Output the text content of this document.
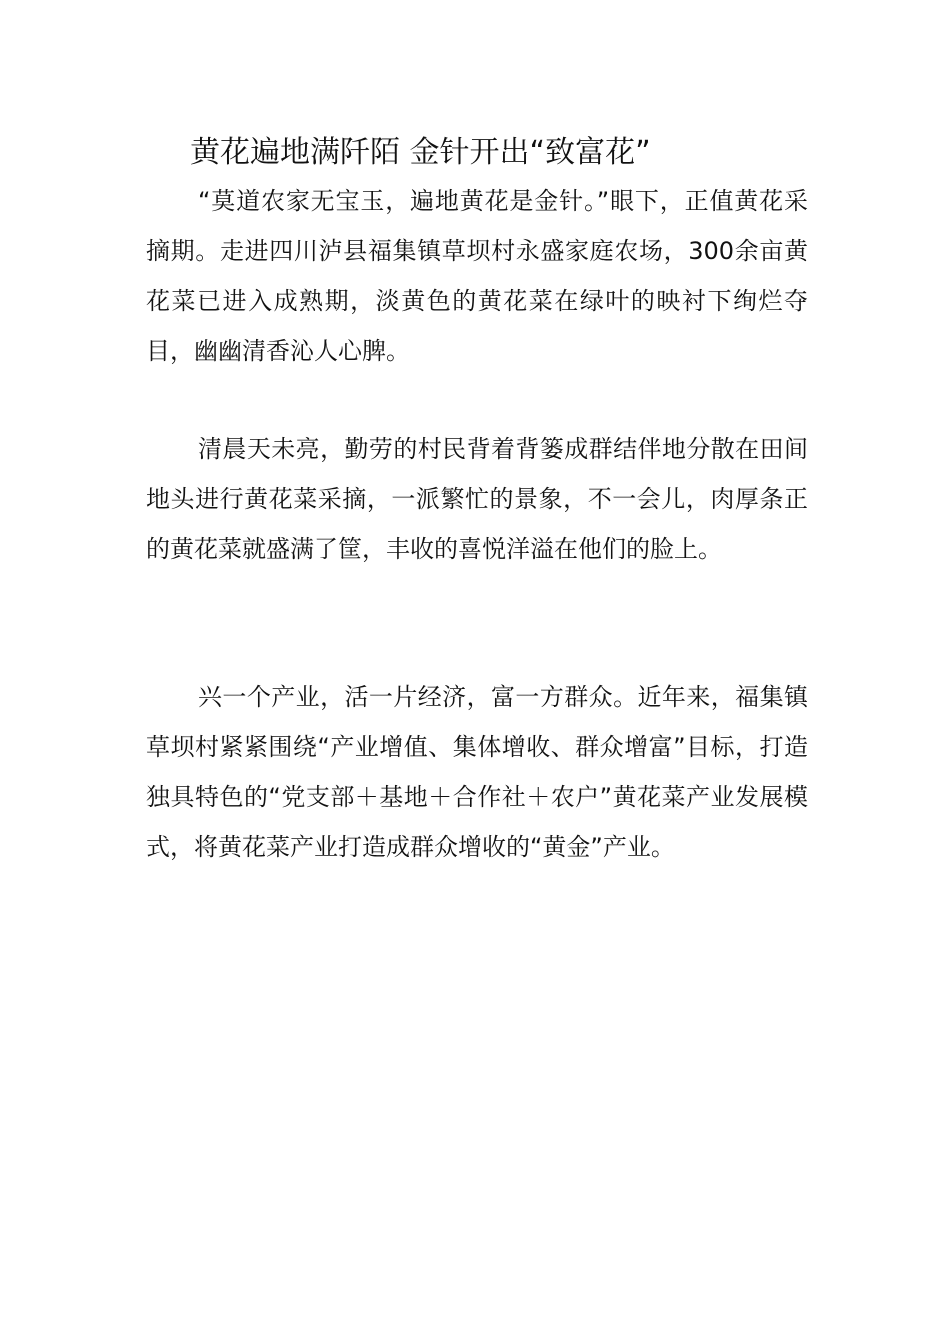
黄花遍地满阡陌 金针开出“致富花”

“莫道农家无宝玉，遍地黄花是金针。”眼下，正值黄花采摘期。走进四川泸县福集镇草坝村永盛家庭农场，300余亩黄花菜已进入成熟期，淡黄色的黄花菜在绿叶的映衬下绚烂夺目，幽幽清香沁人心脾。

清晨天未亮，勤劳的村民背着背篓成群结伴地分散在田间地头进行黄花菜采摘，一派繁忙的景象，不一会儿，肉厚条正的黄花菜就盛满了筐，丰收的喜悦洋溢在他们的脸上。

兴一个产业，活一片经济，富一方群众。近年来，福集镇草坝村紧紧围绕“产业增值、集体增收、群众增富”目标，打造独具特色的“党支部＋基地＋合作社＋农户”黄花菜产业发展模式，将黄花菜产业打造成群众增收的“黄金”产业。
